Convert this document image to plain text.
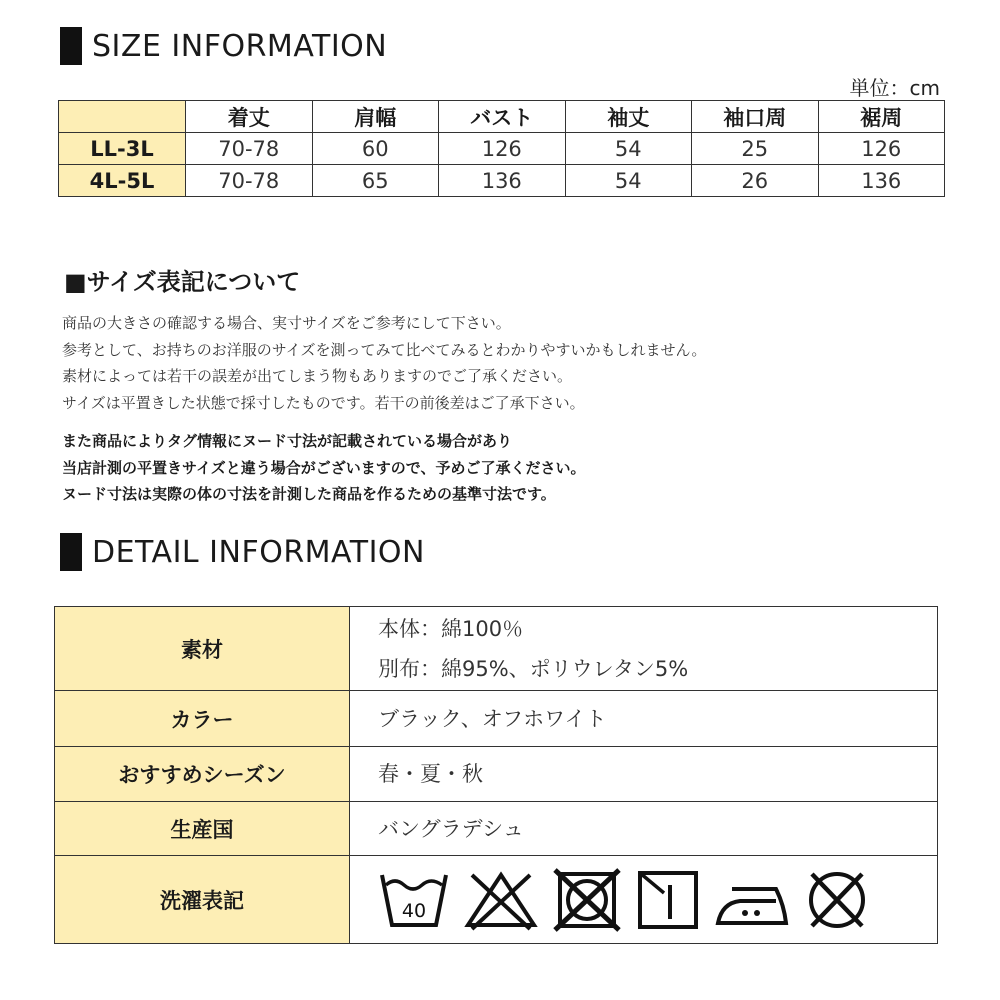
SIZE INFORMATION
単位：cm
	着丈	肩幅	バスト	袖丈	袖口周	裾周
LL-3L	70-78	60	126	54	25	126
4L-5L	70-78	65	136	54	26	136
■サイズ表記について
商品の大きさの確認する場合、実寸サイズをご参考にして下さい。
参考として、お持ちのお洋服のサイズを測ってみて比べてみるとわかりやすいかもしれません。
素材によっては若干の誤差が出てしまう物もありますのでご了承ください。
サイズは平置きした状態で採寸したものです。若干の前後差はご了承下さい。
また商品によりタグ情報にヌード寸法が記載されている場合があり
当店計測の平置きサイズと違う場合がございますので、予めご了承ください。
ヌード寸法は実際の体の寸法を計測した商品を作るための基準寸法です。
DETAIL INFORMATION
素材	本体：綿100％
別布：綿95%、ポリウレタン5%

カラー	ブラック、オフホワイト

おすすめシーズン	春・夏・秋

生産国	バングラデシュ

洗濯表記	40
